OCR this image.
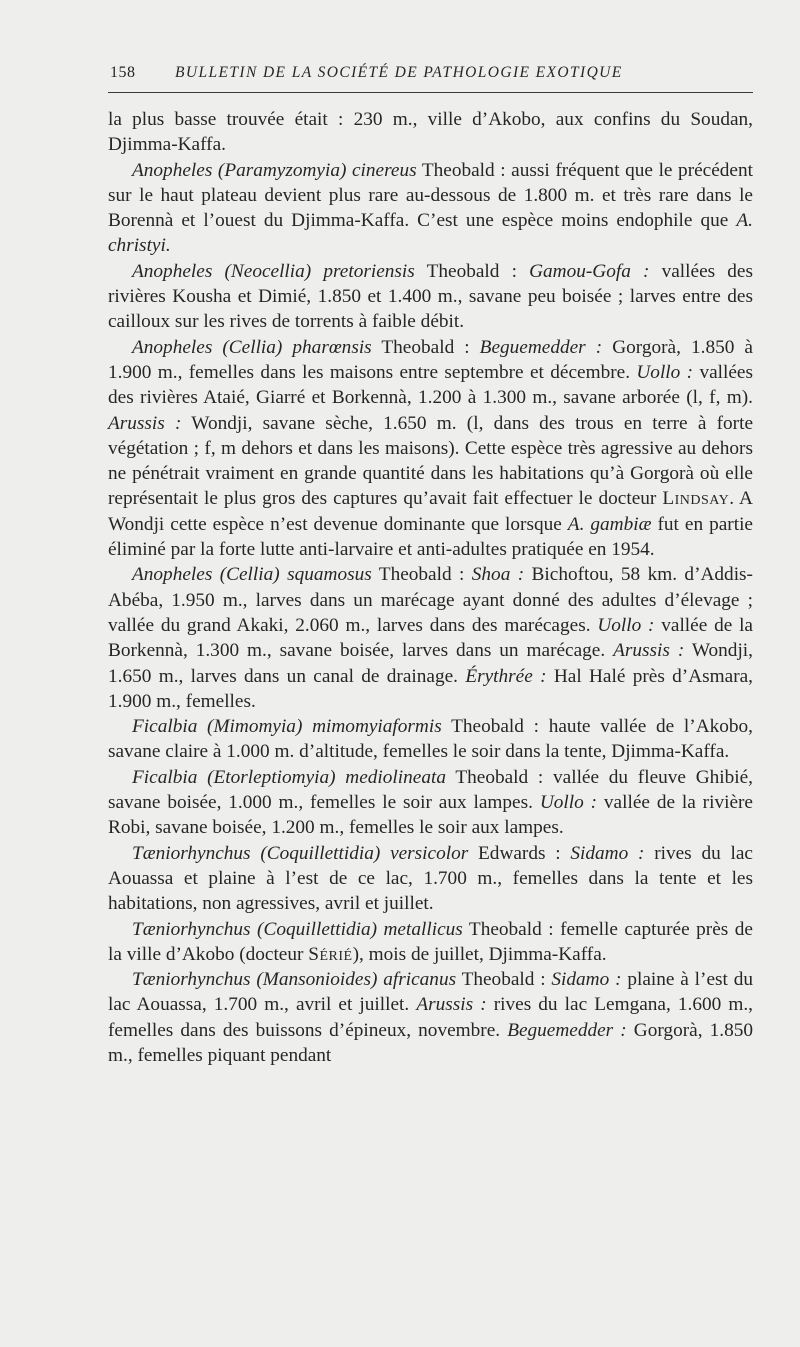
158	BULLETIN DE LA SOCIÉTÉ DE PATHOLOGIE EXOTIQUE

la plus basse trouvée était : 230 m., ville d’Akobo, aux confins du Soudan, Djimma-Kaffa.

Anopheles (Paramyzomyia) cinereus Theobald : aussi fréquent que le précédent sur le haut plateau devient plus rare au-dessous de 1.800 m. et très rare dans le Borennà et l’ouest du Djimma-Kaffa. C’est une espèce moins endophile que A. christyi.

Anopheles (Neocellia) pretoriensis Theobald : Gamou-Gofa : vallées des rivières Kousha et Dimié, 1.850 et 1.400 m., savane peu boisée ; larves entre des cailloux sur les rives de torrents à faible débit.

Anopheles (Cellia) pharœnsis Theobald : Beguemedder : Gorgorà, 1.850 à 1.900 m., femelles dans les maisons entre septembre et décembre. Uollo : vallées des rivières Ataié, Giarré et Borkennà, 1.200 à 1.300 m., savane arborée (l, f, m). Arussis : Wondji, savane sèche, 1.650 m. (l, dans des trous en terre à forte végétation ; f, m dehors et dans les maisons). Cette espèce très agressive au dehors ne pénétrait vraiment en grande quantité dans les habitations qu’à Gorgorà où elle représentait le plus gros des captures qu’avait fait effectuer le docteur Lindsay. A Wondji cette espèce n’est devenue dominante que lorsque A. gambiæ fut en partie éliminé par la forte lutte anti-larvaire et anti-adultes pratiquée en 1954.

Anopheles (Cellia) squamosus Theobald : Shoa : Bichoftou, 58 km. d’Addis-Abéba, 1.950 m., larves dans un marécage ayant donné des adultes d’élevage ; vallée du grand Akaki, 2.060 m., larves dans des marécages. Uollo : vallée de la Borkennà, 1.300 m., savane boisée, larves dans un marécage. Arussis : Wondji, 1.650 m., larves dans un canal de drainage. Érythrée : Hal Halé près d’Asmara, 1.900 m., femelles.

Ficalbia (Mimomyia) mimomyiaformis Theobald : haute vallée de l’Akobo, savane claire à 1.000 m. d’altitude, femelles le soir dans la tente, Djimma-Kaffa.

Ficalbia (Etorleptiomyia) mediolineata Theobald : vallée du fleuve Ghibié, savane boisée, 1.000 m., femelles le soir aux lampes. Uollo : vallée de la rivière Robi, savane boisée, 1.200 m., femelles le soir aux lampes.

Tæniorhynchus (Coquillettidia) versicolor Edwards : Sidamo : rives du lac Aouassa et plaine à l’est de ce lac, 1.700 m., femelles dans la tente et les habitations, non agressives, avril et juillet.

Tæniorhynchus (Coquillettidia) metallicus Theobald : femelle capturée près de la ville d’Akobo (docteur Sérié), mois de juillet, Djimma-Kaffa.

Tæniorhynchus (Mansonioides) africanus Theobald : Sidamo : plaine à l’est du lac Aouassa, 1.700 m., avril et juillet. Arussis : rives du lac Lemgana, 1.600 m., femelles dans des buissons d’épineux, novembre. Beguemedder : Gorgorà, 1.850 m., femelles piquant pendant
